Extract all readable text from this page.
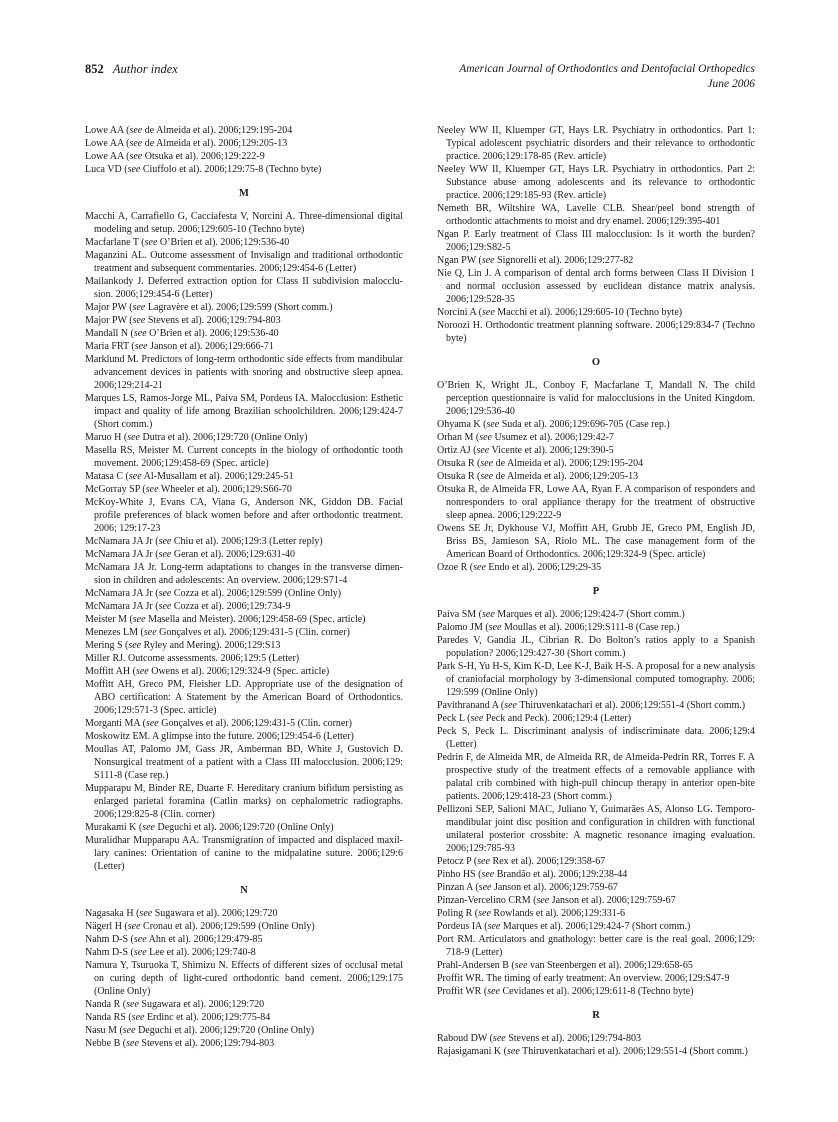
852 Author index	American Journal of Orthodontics and Dentofacial Orthopedics
June 2006

Lowe AA (see de Almeida et al). 2006;129:195-204

Lowe AA (see de Almeida et al). 2006;129:205-13

Lowe AA (see Otsuka et al). 2006;129:222-9

Luca VD (see Ciuffolo et al). 2006;129:75-8 (Techno byte)

M

Macchi A, Carrafiello G, Cacciafesta V, Norcini A. Three-dimensional digital modeling and setup. 2006;129:605-10 (Techno byte)

Macfarlane T (see O’Brien et al). 2006;129:536-40

Maganzini AL. Outcome assessment of Invisalign and traditional orthodontic treatment and subsequent commentaries. 2006;129:454-6 (Letter)

Mailankody J. Deferred extraction option for Class II subdivision malocclu-sion. 2006;129:454-6 (Letter)

Major PW (see Lagravère et al). 2006;129:599 (Short comm.)

Major PW (see Stevens et al). 2006;129:794-803

Mandall N (see O’Brien et al). 2006;129:536-40

Maria FRT (see Janson et al). 2006;129:666-71

Marklund M. Predictors of long-term orthodontic side effects from mandibular advancement devices in patients with snoring and obstructive sleep apnea. 2006;129:214-21

Marques LS, Ramos-Jorge ML, Paiva SM, Pordeus IA. Malocclusion: Esthetic impact and quality of life among Brazilian schoolchildren. 2006;129:424-7 (Short comm.)

Maruo H (see Dutra et al). 2006;129:720 (Online Only)

Masella RS, Meister M. Current concepts in the biology of orthodontic tooth movement. 2006;129:458-69 (Spec. article)

Matasa C (see Al-Musallam et al). 2006;129:245-51

McGorray SP (see Wheeler et al). 2006;129:S66-70

McKoy-White J, Evans CA, Viana G, Anderson NK, Giddon DB. Facial profile preferences of black women before and after orthodontic treatment. 2006; 129:17-23

McNamara JA Jr (see Chiu et al). 2006;129:3 (Letter reply)

McNamara JA Jr (see Geran et al). 2006;129:631-40

McNamara JA Jr. Long-term adaptations to changes in the transverse dimen-sion in children and adolescents: An overview. 2006;129:S71-4

McNamara JA Jr (see Cozza et al). 2006;129:599 (Online Only)

McNamara JA Jr (see Cozza et al). 2006;129:734-9

Meister M (see Masella and Meister). 2006;129:458-69 (Spec. article)

Menezes LM (see Gonçalves et al). 2006;129:431-5 (Clin. corner)

Mering S (see Ryley and Mering). 2006;129:S13

Miller RJ. Outcome assessments. 2006;129:5 (Letter)

Moffitt AH (see Owens et al). 2006;129:324-9 (Spec. article)

Moffitt AH, Greco PM, Fleisher LD. Appropriate use of the designation of ABO certification: A Statement by the American Board of Orthodontics. 2006;129:571-3 (Spec. article)

Morganti MA (see Gonçalves et al). 2006;129:431-5 (Clin. corner)

Moskowitz EM. A glimpse into the future. 2006;129:454-6 (Letter)

Moullas AT, Palomo JM, Gass JR, Amberman BD, White J, Gustovich D. Nonsurgical treatment of a patient with a Class III malocclusion. 2006;129: S111-8 (Case rep.)

Mupparapu M, Binder RE, Duarte F. Hereditary cranium bifidum persisting as enlarged parietal foramina (Catlin marks) on cephalometric radiographs. 2006;129:825-8 (Clin. corner)

Murakami K (see Deguchi et al). 2006;129:720 (Online Only)

Muralidhar Mupparapu AA. Transmigration of impacted and displaced maxil-lary canines: Orientation of canine to the midpalatine suture. 2006;129:6 (Letter)

N

Nagasaka H (see Sugawara et al). 2006;129:720

Nägerl H (see Cronau et al). 2006;129:599 (Online Only)

Nahm D-S (see Ahn et al). 2006;129:479-85

Nahm D-S (see Lee et al). 2006;129:740-8

Namura Y, Tsuruoka T, Shimizu N. Effects of different sizes of occlusal metal on curing depth of light-cured orthodontic band cement. 2006;129:175 (Online Only)

Nanda R (see Sugawara et al). 2006;129:720

Nanda RS (see Erdinc et al). 2006;129:775-84

Nasu M (see Deguchi et al). 2006;129:720 (Online Only)

Nebbe B (see Stevens et al). 2006;129:794-803

Neeley WW II, Kluemper GT, Hays LR. Psychiatry in orthodontics. Part 1: Typical adolescent psychiatric disorders and their relevance to orthodontic practice. 2006;129:178-85 (Rev. article)

Neeley WW II, Kluemper GT, Hays LR. Psychiatry in orthodontics. Part 2: Substance abuse among adolescents and its relevance to orthodontic practice. 2006;129:185-93 (Rev. article)

Nemeth BR, Wiltshire WA, Lavelle CLB. Shear/peel bond strength of orthodontic attachments to moist and dry enamel. 2006;129:395-401

Ngan P. Early treatment of Class III malocclusion: Is it worth the burden? 2006;129:S82-5

Ngan PW (see Signorelli et al). 2006;129:277-82

Nie Q, Lin J. A comparison of dental arch forms between Class II Division 1 and normal occlusion assessed by euclidean distance matrix analysis. 2006;129:528-35

Norcini A (see Macchi et al). 2006;129:605-10 (Techno byte)

Noroozi H. Orthodontic treatment planning software. 2006;129:834-7 (Techno byte)

O

O’Brien K, Wright JL, Conboy F, Macfarlane T, Mandall N. The child perception questionnaire is valid for malocclusions in the United Kingdom. 2006;129:536-40

Ohyama K (see Suda et al). 2006;129:696-705 (Case rep.)

Orhan M (see Usumez et al). 2006;129:42-7

Ortiz AJ (see Vicente et al). 2006;129:390-5

Otsuka R (see de Almeida et al). 2006;129:195-204

Otsuka R (see de Almeida et al). 2006;129:205-13

Otsuka R, de Almeida FR, Lowe AA, Ryan F. A comparison of responders and nonresponders to oral appliance therapy for the treatment of obstructive sleep apnea. 2006;129:222-9

Owens SE Jr, Dykhouse VJ, Moffitt AH, Grubb JE, Greco PM, English JD, Briss BS, Jamieson SA, Riolo ML. The case management form of the American Board of Orthodontics. 2006;129:324-9 (Spec. article)

Ozoe R (see Endo et al). 2006;129:29-35

P

Paiva SM (see Marques et al). 2006;129:424-7 (Short comm.)

Palomo JM (see Moullas et al). 2006;129:S111-8 (Case rep.)

Paredes V, Gandia JL, Cibrian R. Do Bolton’s ratios apply to a Spanish population? 2006;129:427-30 (Short comm.)

Park S-H, Yu H-S, Kim K-D, Lee K-J, Baik H-S. A proposal for a new analysis of craniofacial morphology by 3-dimensional computed tomography. 2006; 129:599 (Online Only)

Pavithranand A (see Thiruvenkatachari et al). 2006;129:551-4 (Short comm.)

Peck L (see Peck and Peck). 2006;129:4 (Letter)

Peck S, Peck L. Discriminant analysis of indiscriminate data. 2006;129:4 (Letter)

Pedrin F, de Almeida MR, de Almeida RR, de Almeida-Pedrin RR, Torres F. A prospective study of the treatment effects of a removable appliance with palatal crib combined with high-pull chincup therapy in anterior open-bite patients. 2006;129:418-23 (Short comm.)

Pellizoni SEP, Salioni MAC, Juliano Y, Guimarães AS, Alonso LG. Temporo-mandibular joint disc position and configuration in children with functional unilateral posterior crossbite: A magnetic resonance imaging evaluation. 2006;129:785-93

Petocz P (see Rex et al). 2006;129:358-67

Pinho HS (see Brandão et al). 2006;129:238-44

Pinzan A (see Janson et al). 2006;129:759-67

Pinzan-Vercelino CRM (see Janson et al). 2006;129:759-67

Poling R (see Rowlands et al). 2006;129:331-6

Pordeus IA (see Marques et al). 2006;129:424-7 (Short comm.)

Port RM. Articulators and gnathology: better care is the real goal. 2006;129: 718-9 (Letter)

Prahl-Andersen B (see van Steenbergen et al). 2006;129:658-65

Proffit WR. The timing of early treatment: An overview. 2006;129:S47-9

Proffit WR (see Cevidanes et al). 2006;129:611-8 (Techno byte)

R

Raboud DW (see Stevens et al). 2006;129:794-803

Rajasigamani K (see Thiruvenkatachari et al). 2006;129:551-4 (Short comm.)
